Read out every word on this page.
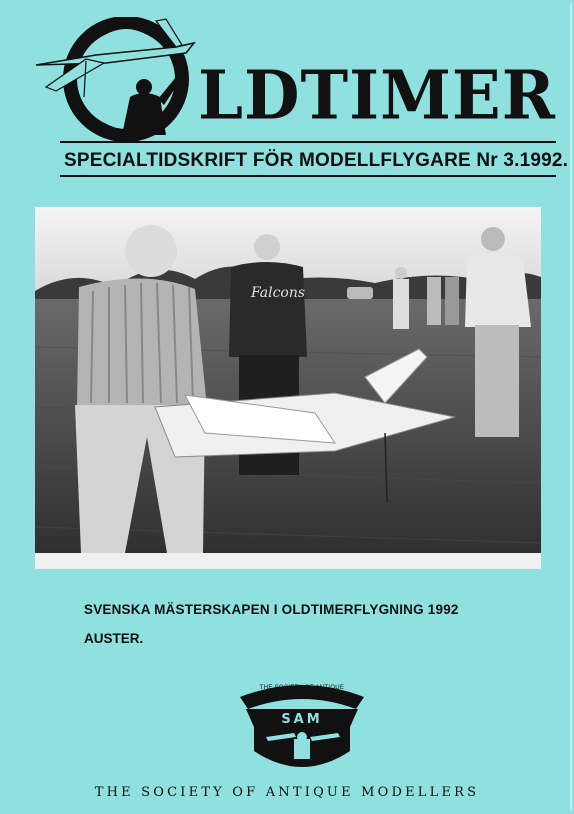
LDTIMER
SPECIALTIDSKRIFT FÖR MODELLFLYGARE Nr 3.1992.
Falcons
SVENSKA MÄSTERSKAPEN I OLDTIMERFLYGNING 1992
AUSTER.
SAM
THE SOCIETY OF ANTIQUE MODELLERS
THE SOCIETY OF ANTIQUE MODELLERS
